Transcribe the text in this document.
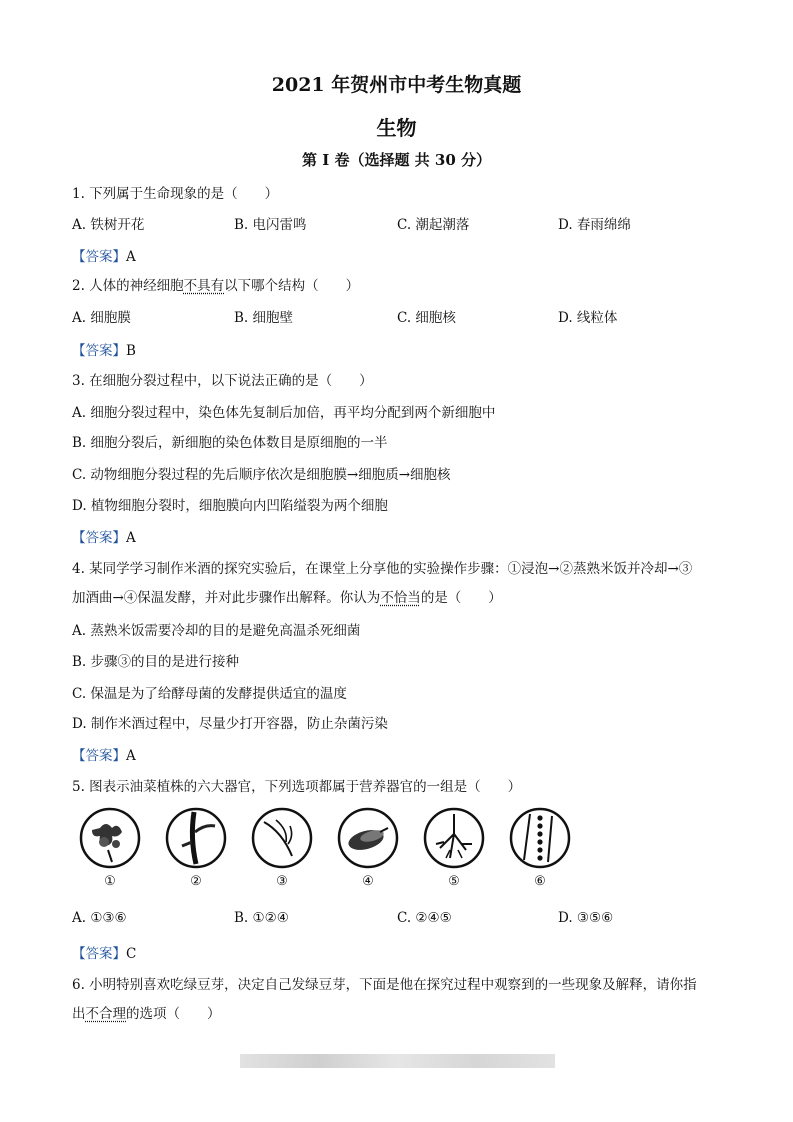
2021 年贺州市中考生物真题
生物
第 I 卷（选择题 共 30 分）
1. 下列属于生命现象的是（　　）
A. 铁树开花	B. 电闪雷鸣	C. 潮起潮落	D. 春雨绵绵
【答案】A
2. 人体的神经细胞不具有以下哪个结构（　　）
A. 细胞膜	B. 细胞壁	C. 细胞核	D. 线粒体
【答案】B
3. 在细胞分裂过程中，以下说法正确的是（　　）
A. 细胞分裂过程中，染色体先复制后加倍，再平均分配到两个新细胞中
B. 细胞分裂后，新细胞的染色体数目是原细胞的一半
C. 动物细胞分裂过程的先后顺序依次是细胞膜→细胞质→细胞核
D. 植物细胞分裂时，细胞膜向内凹陷缢裂为两个细胞
【答案】A
4. 某同学学习制作米酒的探究实验后，在课堂上分享他的实验操作步骤：①浸泡→②蒸熟米饭并冷却→③
加酒曲→④保温发酵，并对此步骤作出解释。你认为不恰当的是（　　）
A. 蒸熟米饭需要冷却的目的是避免高温杀死细菌
B. 步骤③的目的是进行接种
C. 保温是为了给酵母菌的发酵提供适宜的温度
D. 制作米酒过程中，尽量少打开容器，防止杂菌污染
【答案】A
5. 图表示油菜植株的六大器官，下列选项都属于营养器官的一组是（　　）
①	②	③	④	⑤	⑥
A. ①③⑥	B. ①②④	C. ②④⑤	D. ③⑤⑥
【答案】C
6. 小明特别喜欢吃绿豆芽，决定自己发绿豆芽，下面是他在探究过程中观察到的一些现象及解释，请你指
出不合理的选项（　　）
